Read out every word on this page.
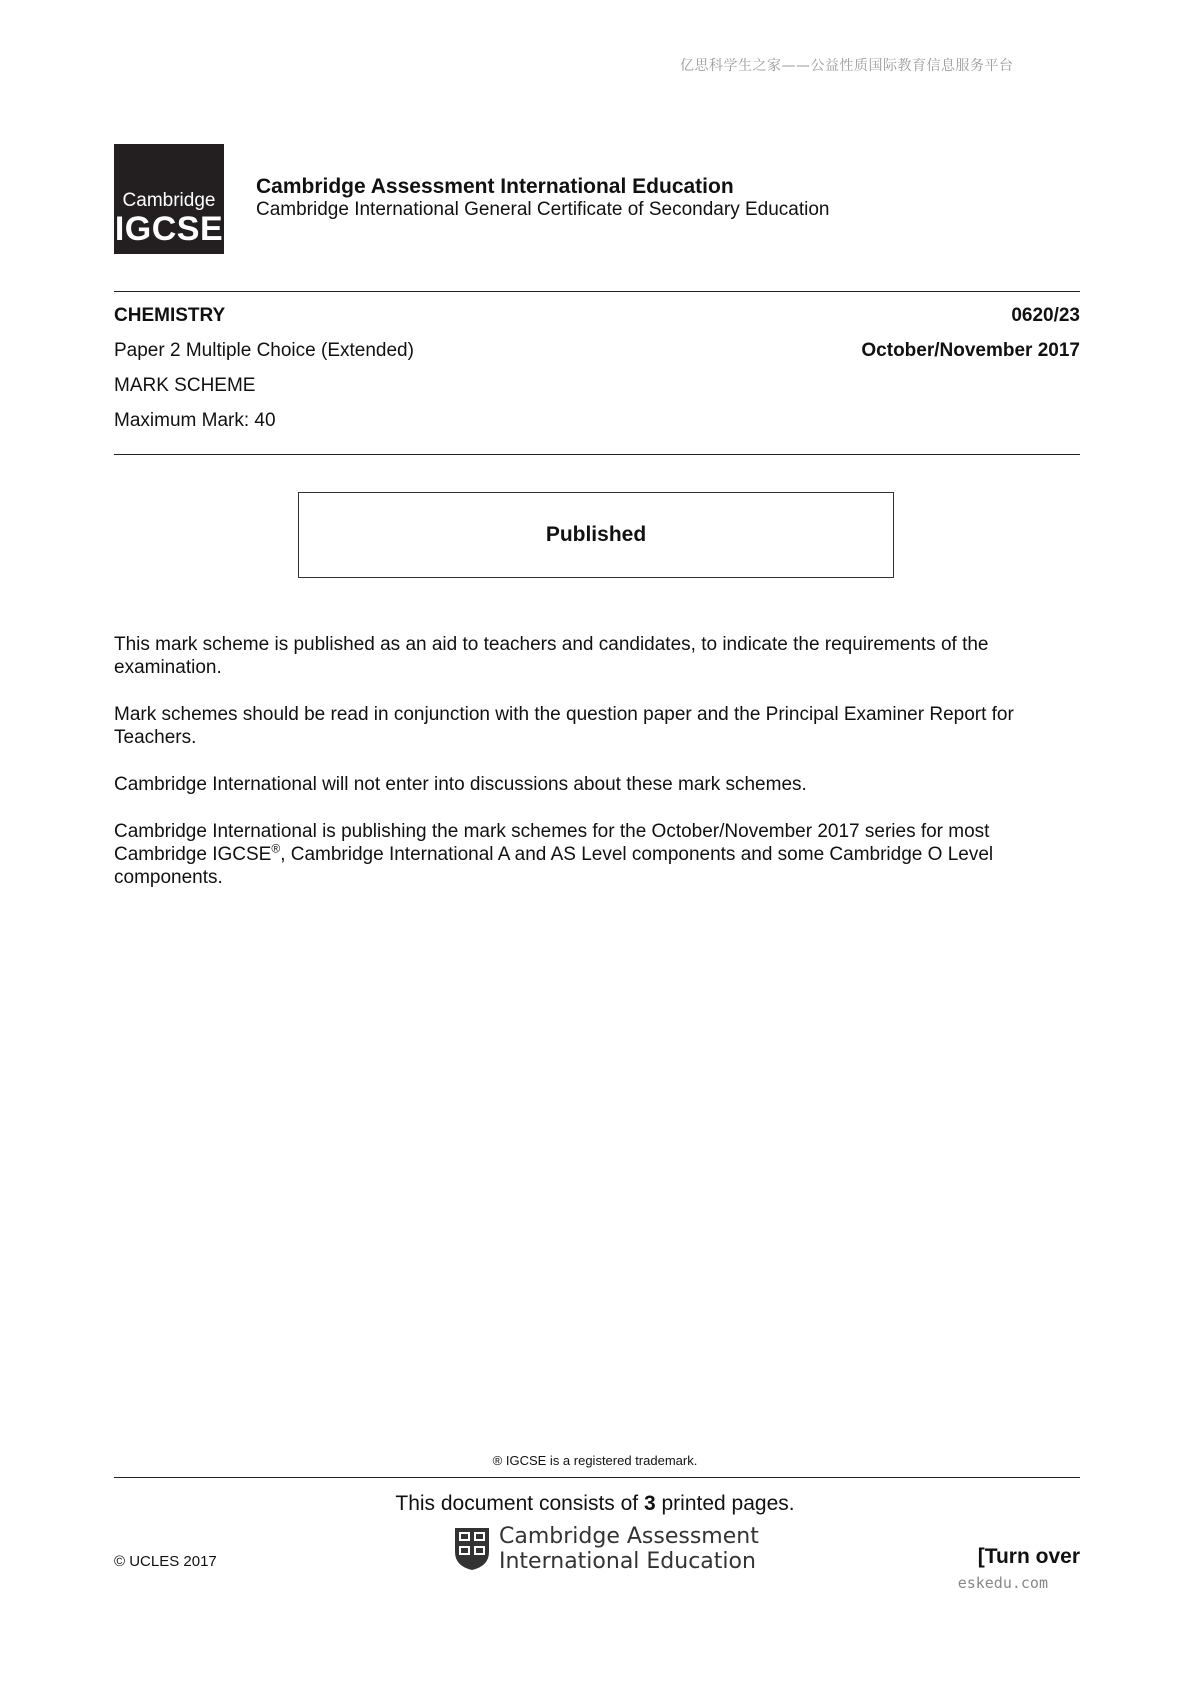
亿思科学生之家——公益性质国际教育信息服务平台
Cambridge
IGCSE
Cambridge Assessment International Education
Cambridge International General Certificate of Secondary Education
CHEMISTRY	0620/23
Paper 2 Multiple Choice (Extended)	October/November 2017
MARK SCHEME
Maximum Mark: 40
Published
This mark scheme is published as an aid to teachers and candidates, to indicate the requirements of the examination.
Mark schemes should be read in conjunction with the question paper and the Principal Examiner Report for Teachers.
Cambridge International will not enter into discussions about these mark schemes.
Cambridge International is publishing the mark schemes for the October/November 2017 series for most Cambridge IGCSE®, Cambridge International A and AS Level components and some Cambridge O Level components.
® IGCSE is a registered trademark.
This document consists of 3 printed pages.
© UCLES 2017
Cambridge Assessment
International Education	[Turn over
eskedu.com
